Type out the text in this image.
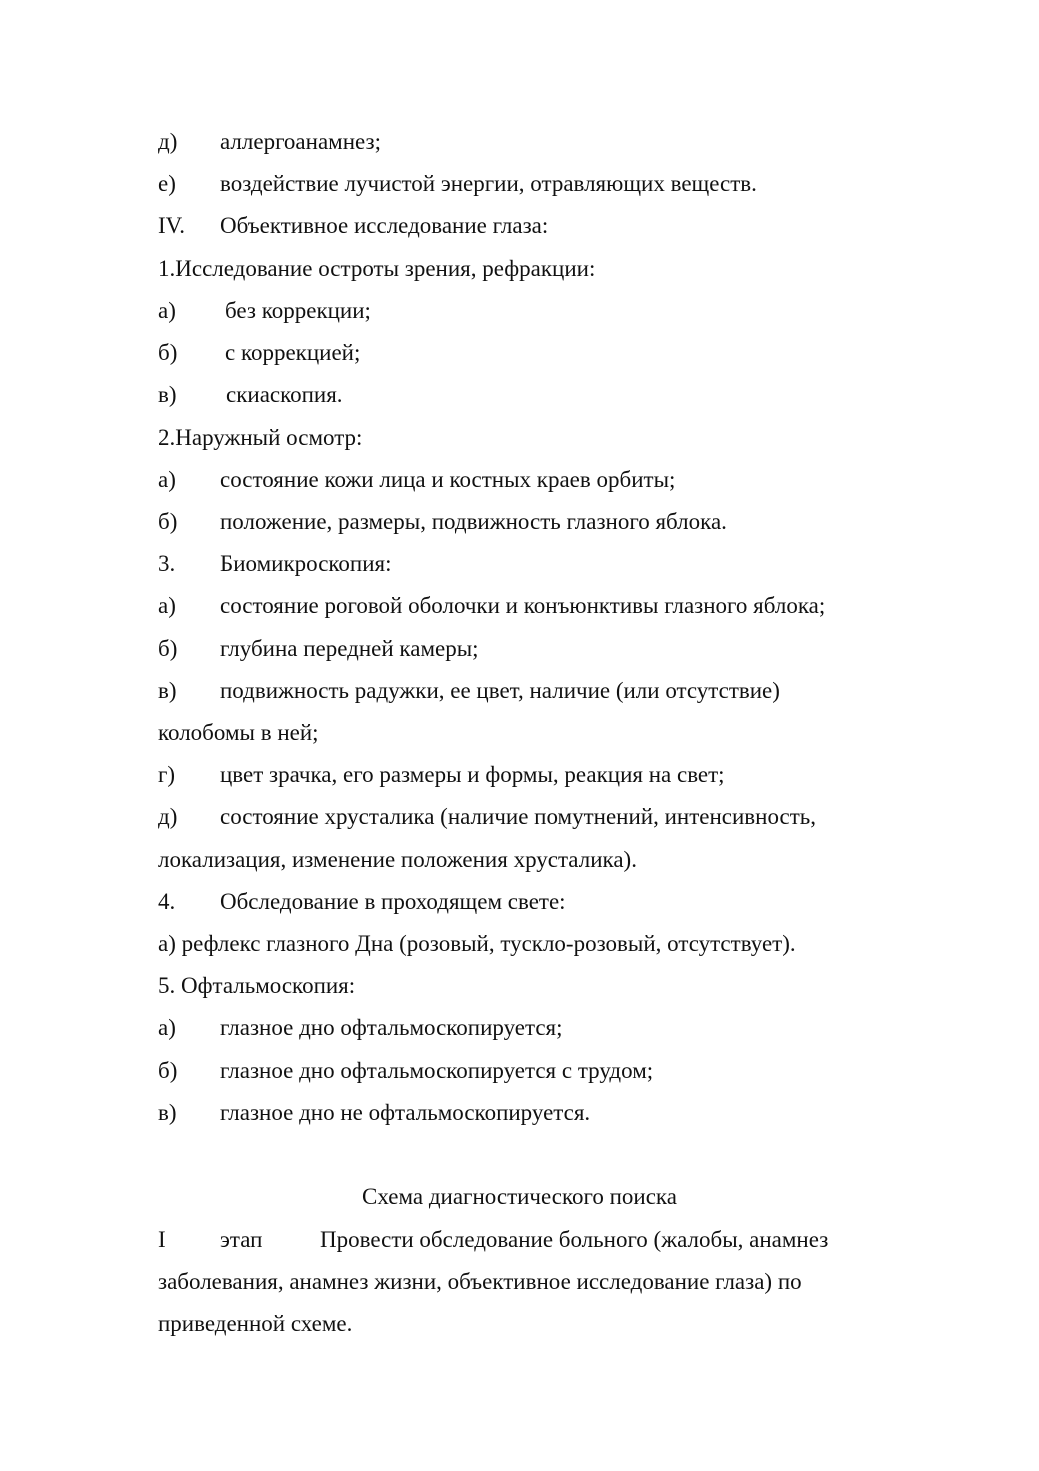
д) аллергоанамнез;
е) воздействие лучистой энергии, отравляющих веществ.
IV. Объективное исследование глаза:
1.Исследование остроты зрения, рефракции:
а) без коррекции;
б) с коррекцией;
в) скиаскопия.
2.Наружный осмотр:
а) состояние кожи лица и костных краев орбиты;
б) положение, размеры, подвижность глазного яблока.
3. Биомикроскопия:
а) состояние роговой оболочки и конъюнктивы глазного яблока;
б) глубина передней камеры;
в) подвижность радужки, ее цвет, наличие (или отсутствие)
колобомы в ней;
г) цвет зрачка, его размеры и формы, реакция на свет;
д) состояние хрусталика (наличие помутнений, интенсивность,
локализация, изменение положения хрусталика).
4. Обследование в проходящем свете:
а) рефлекс глазного Дна (розовый, тускло-розовый, отсутствует).
5. Офтальмоскопия:
а) глазное дно офтальмоскопируется;
б) глазное дно офтальмоскопируется с трудом;
в) глазное дно не офтальмоскопируется.
Схема диагностического поиска
I этап	Провести обследование больного (жалобы, анамнез
заболевания, анамнез жизни, объективное исследование глаза) по
приведенной схеме.
